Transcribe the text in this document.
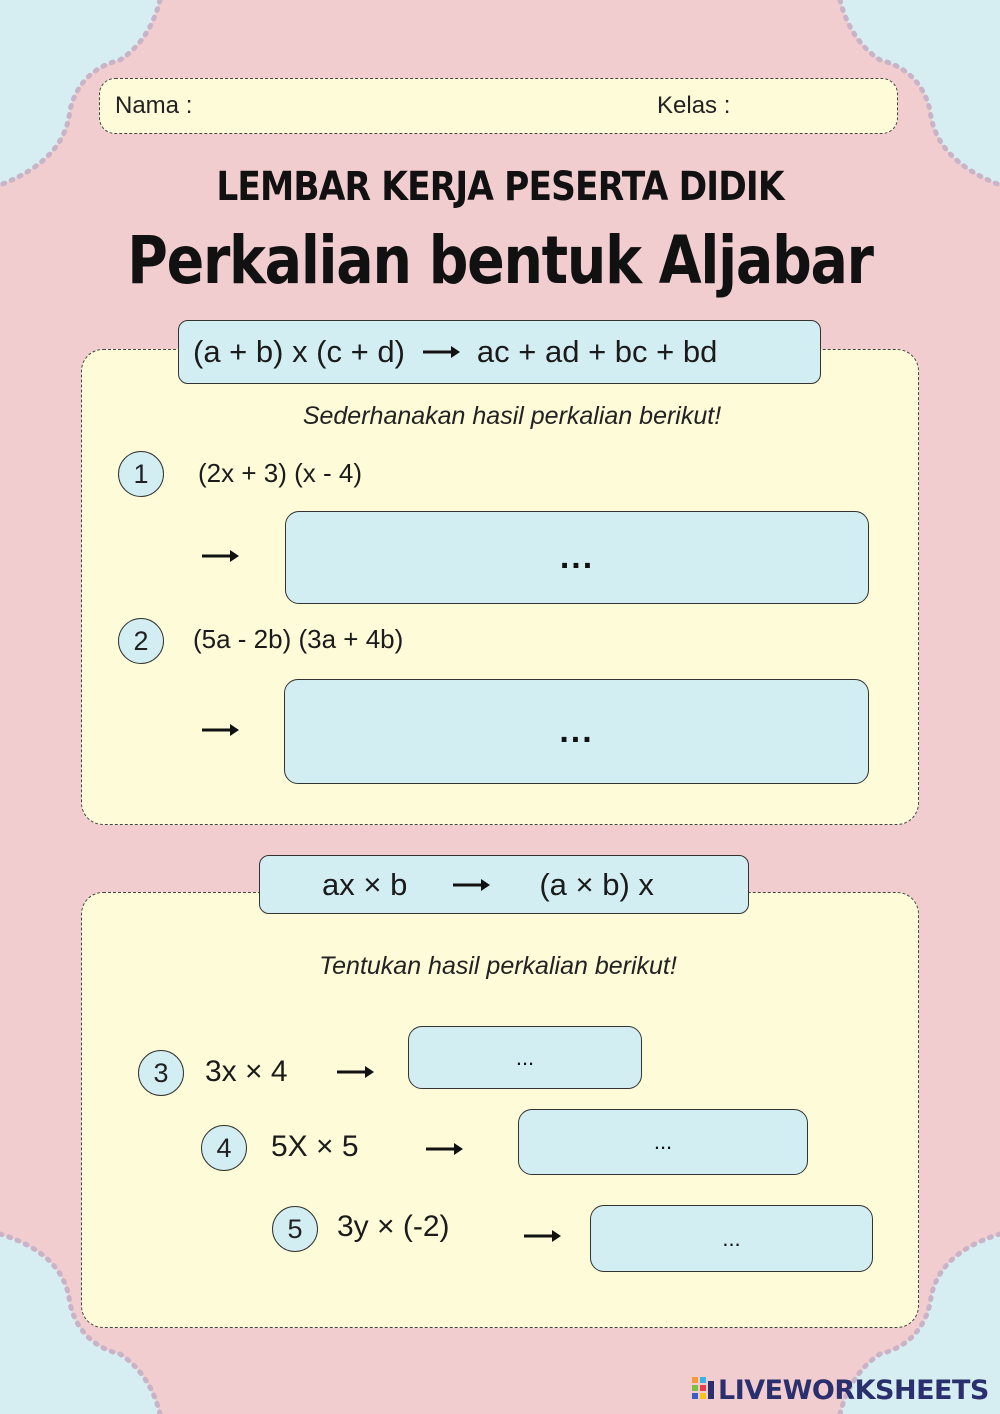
Nama :	Kelas :
LEMBAR KERJA PESERTA DIDIK
Perkalian bentuk Aljabar
(a + b) x (c + d) ac + ad + bc + bd
Sederhanakan hasil perkalian berikut!
1	(2x + 3) (x - 4)
...
2	(5a - 2b) (3a + 4b)
...
ax × b	(a × b) x
Tentukan hasil perkalian berikut!
3	3x × 4	...
4	5X × 5	...
5	3y × (-2)	...
LIVEWORKSHEETS
